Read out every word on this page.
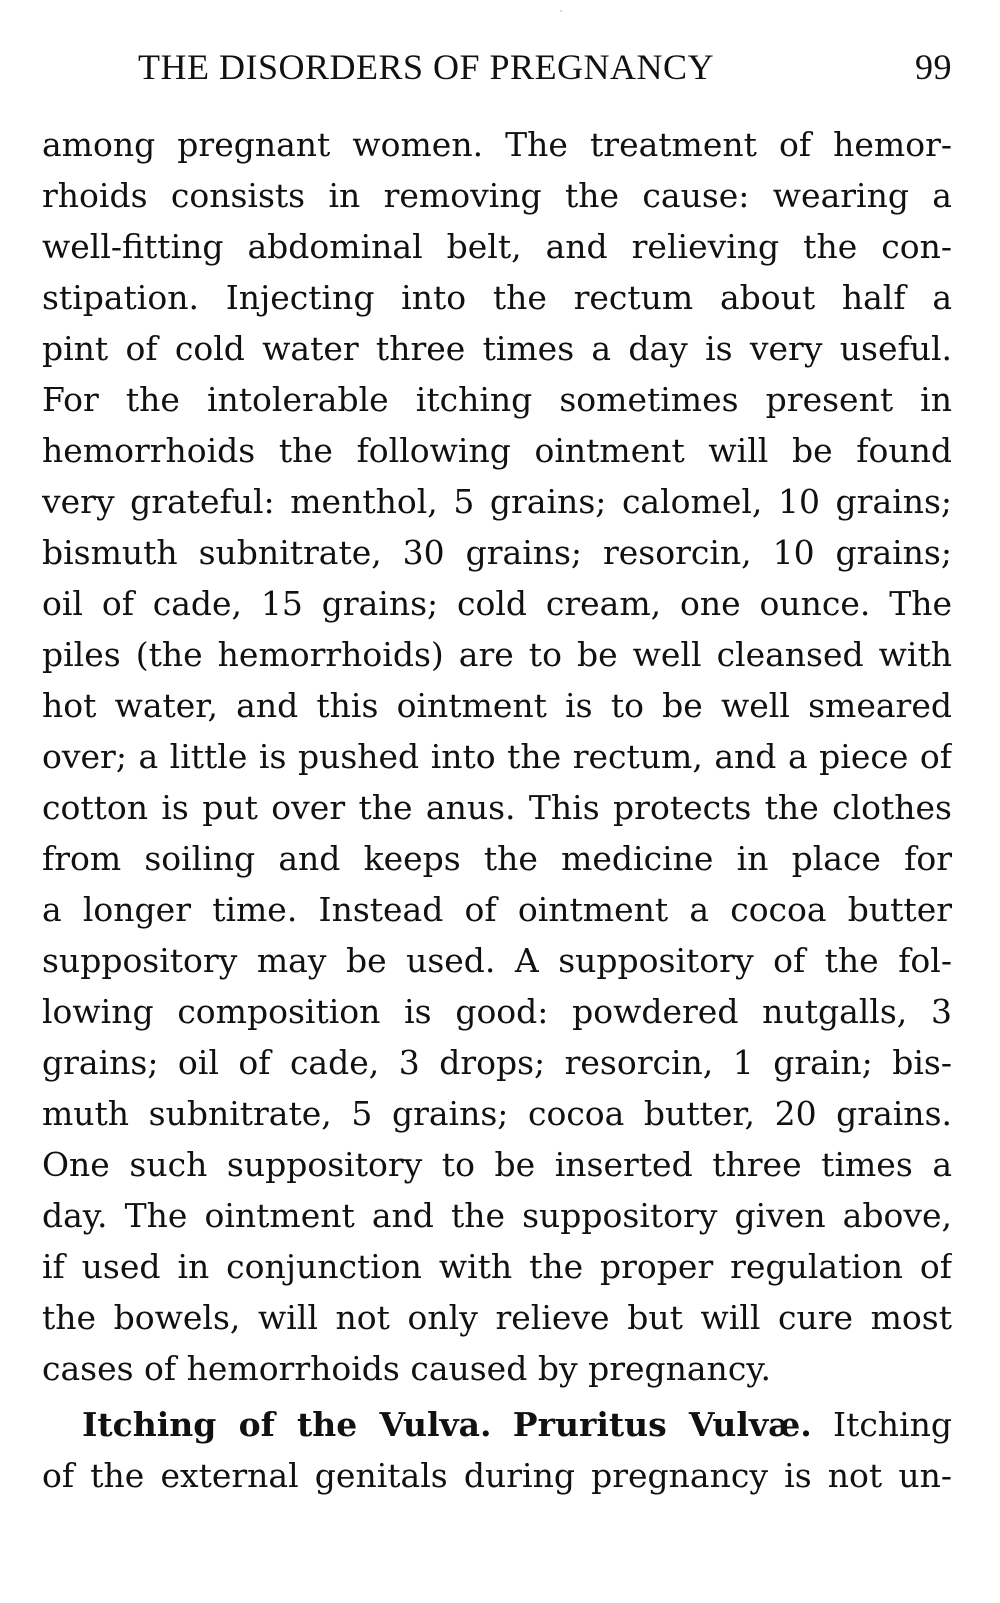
THE DISORDERS OF PREGNANCY	99
among pregnant women. The treatment of hemor-
rhoids consists in removing the cause: wearing a
well-fitting abdominal belt, and relieving the con-
stipation. Injecting into the rectum about half a
pint of cold water three times a day is very useful.
For the intolerable itching sometimes present in
hemorrhoids the following ointment will be found
very grateful: menthol, 5 grains; calomel, 10 grains;
bismuth subnitrate, 30 grains; resorcin, 10 grains;
oil of cade, 15 grains; cold cream, one ounce. The
piles (the hemorrhoids) are to be well cleansed with
hot water, and this ointment is to be well smeared
over; a little is pushed into the rectum, and a piece of
cotton is put over the anus. This protects the clothes
from soiling and keeps the medicine in place for
a longer time. Instead of ointment a cocoa butter
suppository may be used. A suppository of the fol-
lowing composition is good: powdered nutgalls, 3
grains; oil of cade, 3 drops; resorcin, 1 grain; bis-
muth subnitrate, 5 grains; cocoa butter, 20 grains.
One such suppository to be inserted three times a
day. The ointment and the suppository given above,
if used in conjunction with the proper regulation of
the bowels, will not only relieve but will cure most
cases of hemorrhoids caused by pregnancy.
Itching of the Vulva. Pruritus Vulvæ. Itching
of the external genitals during pregnancy is not un-
